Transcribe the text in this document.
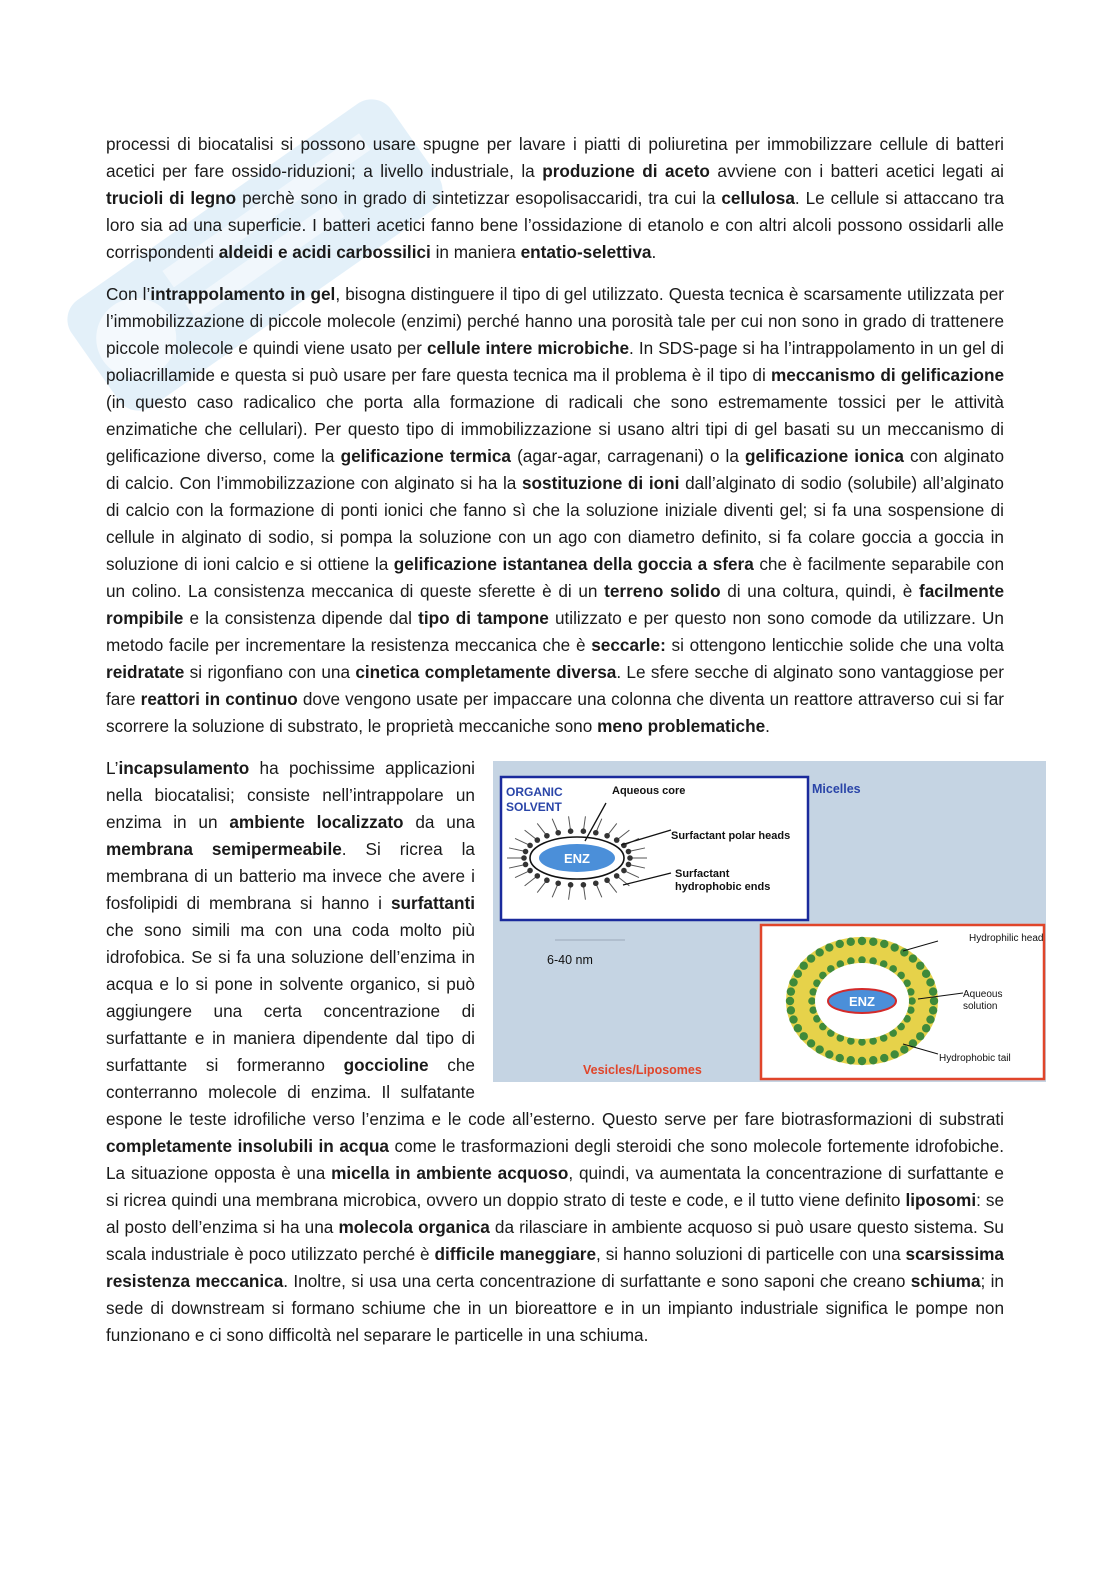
processi di biocatalisi si possono usare spugne per lavare i piatti di poliuretina per immobilizzare cellule di batteri acetici per fare ossido-riduzioni; a livello industriale, la produzione di aceto avviene con i batteri acetici legati ai trucioli di legno perchè sono in grado di sintetizzar esopolisaccaridi, tra cui la cellulosa. Le cellule si attaccano tra loro sia ad una superficie. I batteri acetici fanno bene l’ossidazione di etanolo e con altri alcoli possono ossidarli alle corrispondenti aldeidi e acidi carbossilici in maniera entatio-selettiva.

Con l’intrappolamento in gel, bisogna distinguere il tipo di gel utilizzato. Questa tecnica è scarsamente utilizzata per l’immobilizzazione di piccole molecole (enzimi) perché hanno una porosità tale per cui non sono in grado di trattenere piccole molecole e quindi viene usato per cellule intere microbiche. In SDS-page si ha l’intrappolamento in un gel di poliacrillamide e questa si può usare per fare questa tecnica ma il problema è il tipo di meccanismo di gelificazione (in questo caso radicalico che porta alla formazione di radicali che sono estremamente tossici per le attività enzimatiche che cellulari). Per questo tipo di immobilizzazione si usano altri tipi di gel basati su un meccanismo di gelificazione diverso, come la gelificazione termica (agar-agar, carragenani) o la gelificazione ionica con alginato di calcio. Con l’immobilizzazione con alginato si ha la sostituzione di ioni dall’alginato di sodio (solubile) all’alginato di calcio con la formazione di ponti ionici che fanno sì che la soluzione iniziale diventi gel; si fa una sospensione di cellule in alginato di sodio, si pompa la soluzione con un ago con diametro definito, si fa colare goccia a goccia in soluzione di ioni calcio e si ottiene la gelificazione istantanea della goccia a sfera che è facilmente separabile con un colino. La consistenza meccanica di queste sferette è di un terreno solido di una coltura, quindi, è facilmente rompibile e la consistenza dipende dal tipo di tampone utilizzato e per questo non sono comode da utilizzare. Un metodo facile per incrementare la resistenza meccanica che è seccarle: si ottengono lenticchie solide che una volta reidratate si rigonfiano con una cinetica completamente diversa. Le sfere secche di alginato sono vantaggiose per fare reattori in continuo dove vengono usate per impaccare una colonna che diventa un reattore attraverso cui si far scorrere la soluzione di substrato, le proprietà meccaniche sono meno problematiche.

ORGANIC
SOLVENT
ENZ
Aqueous core
Surfactant polar heads
Surfactant
hydrophobic ends
Micelles
6-40 nm
ENZ
Hydrophilic head
Aqueous
solution
Hydrophobic tail
Vesicles/Liposomes

L’incapsulamento ha pochissime applicazioni nella biocatalisi; consiste nell’intrappolare un enzima in un ambiente localizzato da una membrana semipermeabile. Si ricrea la membrana di un batterio ma invece che avere i fosfolipidi di membrana si hanno i surfattanti che sono simili ma con una coda molto più idrofobica. Se si fa una soluzione dell’enzima in acqua e lo si pone in solvente organico, si può aggiungere una certa concentrazione di surfattante e in maniera dipendente dal tipo di surfattante si formeranno goccioline che conterranno molecole di enzima. Il sulfatante espone le teste idrofiliche verso l’enzima e le code all’esterno. Questo serve per fare biotrasformazioni di substrati completamente insolubili in acqua come le trasformazioni degli steroidi che sono molecole fortemente idrofobiche. La situazione opposta è una micella in ambiente acquoso, quindi, va aumentata la concentrazione di surfattante e si ricrea quindi una membrana microbica, ovvero un doppio strato di teste e code, e il tutto viene definito liposomi: se al posto dell’enzima si ha una molecola organica da rilasciare in ambiente acquoso si può usare questo sistema. Su scala industriale è poco utilizzato perché è difficile maneggiare, si hanno soluzioni di particelle con una scarsissima resistenza meccanica. Inoltre, si usa una certa concentrazione di surfattante e sono saponi che creano schiuma; in sede di downstream si formano schiume che in un bioreattore e in un impianto industriale significa le pompe non funzionano e ci sono difficoltà nel separare le particelle in una schiuma.
